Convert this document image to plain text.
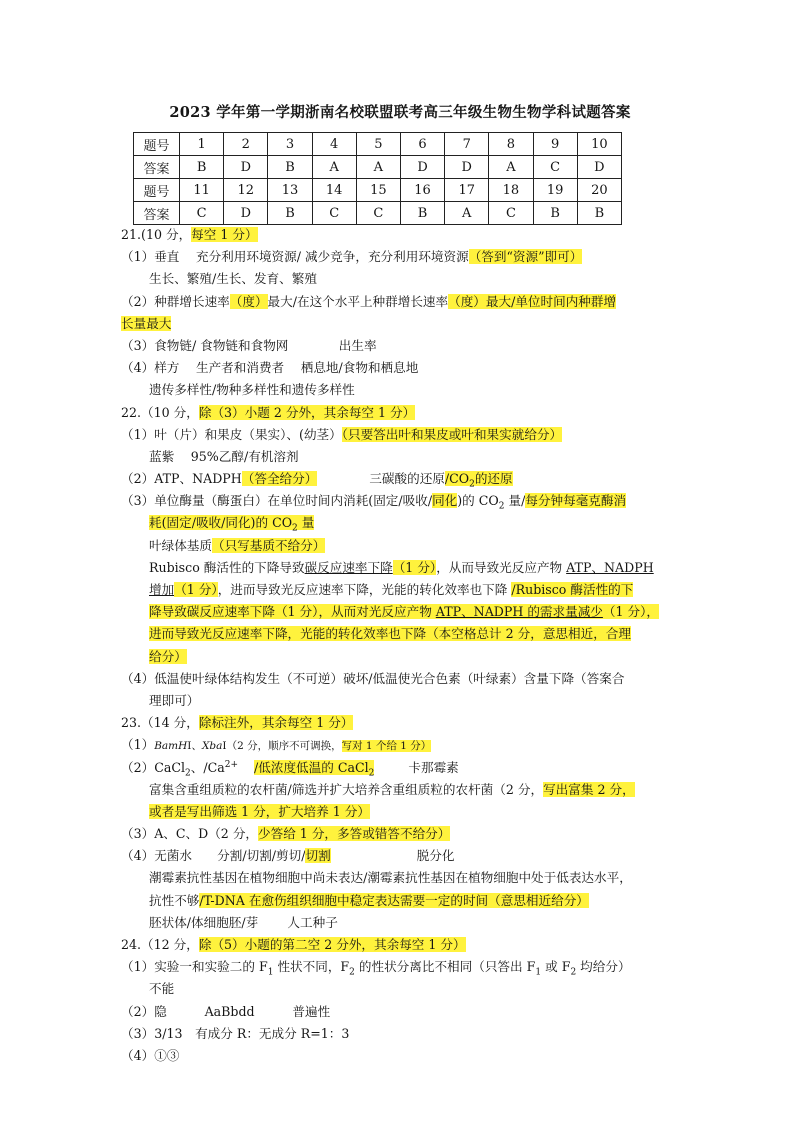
2023 学年第一学期浙南名校联盟联考高三年级生物生物学科试题答案
题号	1	2	3	4	5	6	7	8	9	10
答案	B	D	B	A	A	D	D	A	C	D
题号	11	12	13	14	15	16	17	18	19	20
答案	C	D	B	C	C	B	A	C	B	B
21.(10 分，每空 1 分）
（1）垂直　 充分利用环境资源/ 减少竞争，充分利用环境资源（答到“资源”即可）
生长、繁殖/生长、发育、繁殖
（2）种群增长速率（度）最大/在这个水平上种群增长速率（度）最大/单位时间内种群增
长量最大
（3）食物链/ 食物链和食物网　　　　出生率
（4）样方　 生产者和消费者　 栖息地/食物和栖息地
遗传多样性/物种多样性和遗传多样性
22.（10 分，除（3）小题 2 分外，其余每空 1 分）
（1）叶（片）和果皮（果实）、(幼茎）（只要答出叶和果皮或叶和果实就给分）
蓝紫　 95%乙醇/有机溶剂
（2）ATP、NADPH（答全给分）	三碳酸的还原$/CO_2$的还原
（3）单位酶量（酶蛋白）在单位时间内消耗(固定/吸收/同化)的 $CO_2$ 量/每分钟每毫克酶消
耗(固定/吸收/同化)的 $CO_2$ 量
叶绿体基质（只写基质不给分）
Rubisco 酶活性的下降导致碳反应速率下降（1 分），从而导致光反应产物 ATP、NADPH
增加（1 分），进而导致光反应速率下降，光能的转化效率也下降 /Rubisco 酶活性的下
降导致碳反应速率下降（1 分），从而对光反应产物 ATP、NADPH 的需求量减少（1 分），
进而导致光反应速率下降，光能的转化效率也下降（本空格总计 2 分，意思相近，合理
给分）
（4）低温使叶绿体结构发生（不可逆）破坏/低温使光合色素（叶绿素）含量下降（答案合
理即可）
23.（14 分，除标注外，其余每空 1 分）
（1）BamHⅠ、XbaⅠ（2 分，顺序不可调换，写对 1 个给 1 分）
（2）CaCl$_2$、$/Ca^{2+}$ /低浓度低温的 CaCl$_2$	卡那霉素
富集含重组质粒的农杆菌/筛选并扩大培养含重组质粒的农杆菌（2 分，写出富集 2 分，
或者是写出筛选 1 分，扩大培养 1 分）
（3）A、C、D（2 分，少答给 1 分，多答或错答不给分）
（4）无菌水　　分割/切割/剪切/切割	脱分化
潮霉素抗性基因在植物细胞中尚未表达/潮霉素抗性基因在植物细胞中处于低表达水平，
抗性不够/T-DNA 在愈伤组织细胞中稳定表达需要一定的时间（意思相近给分）
胚状体/体细胞胚/芽　　 人工种子
24.（12 分，除（5）小题的第二空 2 分外，其余每空 1 分）
（1）实验一和实验二的 $F_1$ 性状不同，$F_2$ 的性状分离比不相同（只答出 $F_1$ 或 $F_2$ 均给分）
不能
（2）隐　　　AaBbdd　　　普遍性
（3）3/13　有成分 R：无成分 R=1：3
（4）①③
